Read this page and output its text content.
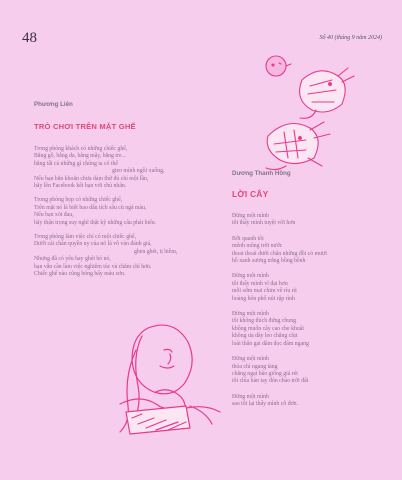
48	Số 40 (tháng 9 năm 2024)
Phương Liên
TRÒ CHƠI TRÊN MẶT GHẾ
Trong phòng khách có những chiếc ghế,
Bằng gỗ, bằng da, bằng mây, bằng tre...
bằng tất cả những gì chúng ta có thể
gieo mình ngồi xuống,
Nếu bạn bắn khoăn chưa dám thử đủ chỉ một lần,
hãy lên Facebook kết bạn với chủ nhân.
Trong phòng họp có những chiếc ghế,
Trên mặt nó là biết bao dấu tích sâu cũ ngã màu,
Nếu bạn xót đau,
hãy thận trọng suy nghĩ thật kỹ những câu phát biểu.
Trong phòng làm việc chỉ có một chiếc ghế,
Dưới cái chân quyền uy của nó là vô vàn đánh giá,
ghen ghét, tị hiềm,
Nhưng đã có yêu hay ghét bỏ nó,
bạn vẫn cần làm việc nghiêm túc và chăm chỉ hơn.
Chiếc ghế nào cũng bóng bẩy màu sơn.
Dương Thanh Hồng
LỜI CÂY
Đừng một mình
tôi thấy mình tuyệt vời hơn
Bởi quanh tôi
mênh mông trời nước
thoai thoải dưới chân những đồi cỏ mượt
hồ xanh sương trắng bồng bềnh
Đừng một mình
tôi thấy mình vĩ đại hơn
mỗi sớm mai chim về ríu rít
hoàng hôn phố núi rập rình
Đừng một mình
tôi không thích đứng chung
không muốn cây cao che khuất
không ưa dây leo chằng chịt
loài thân gai dâm dọc dâm ngang
Đừng một mình
thỏa chí ngang tàng
chẳng ngại bão giông giá rét
tôi chìa bàn tay đón chào trời đất
Đừng một mình
sao tôi lại thấy mình cô đơn.
